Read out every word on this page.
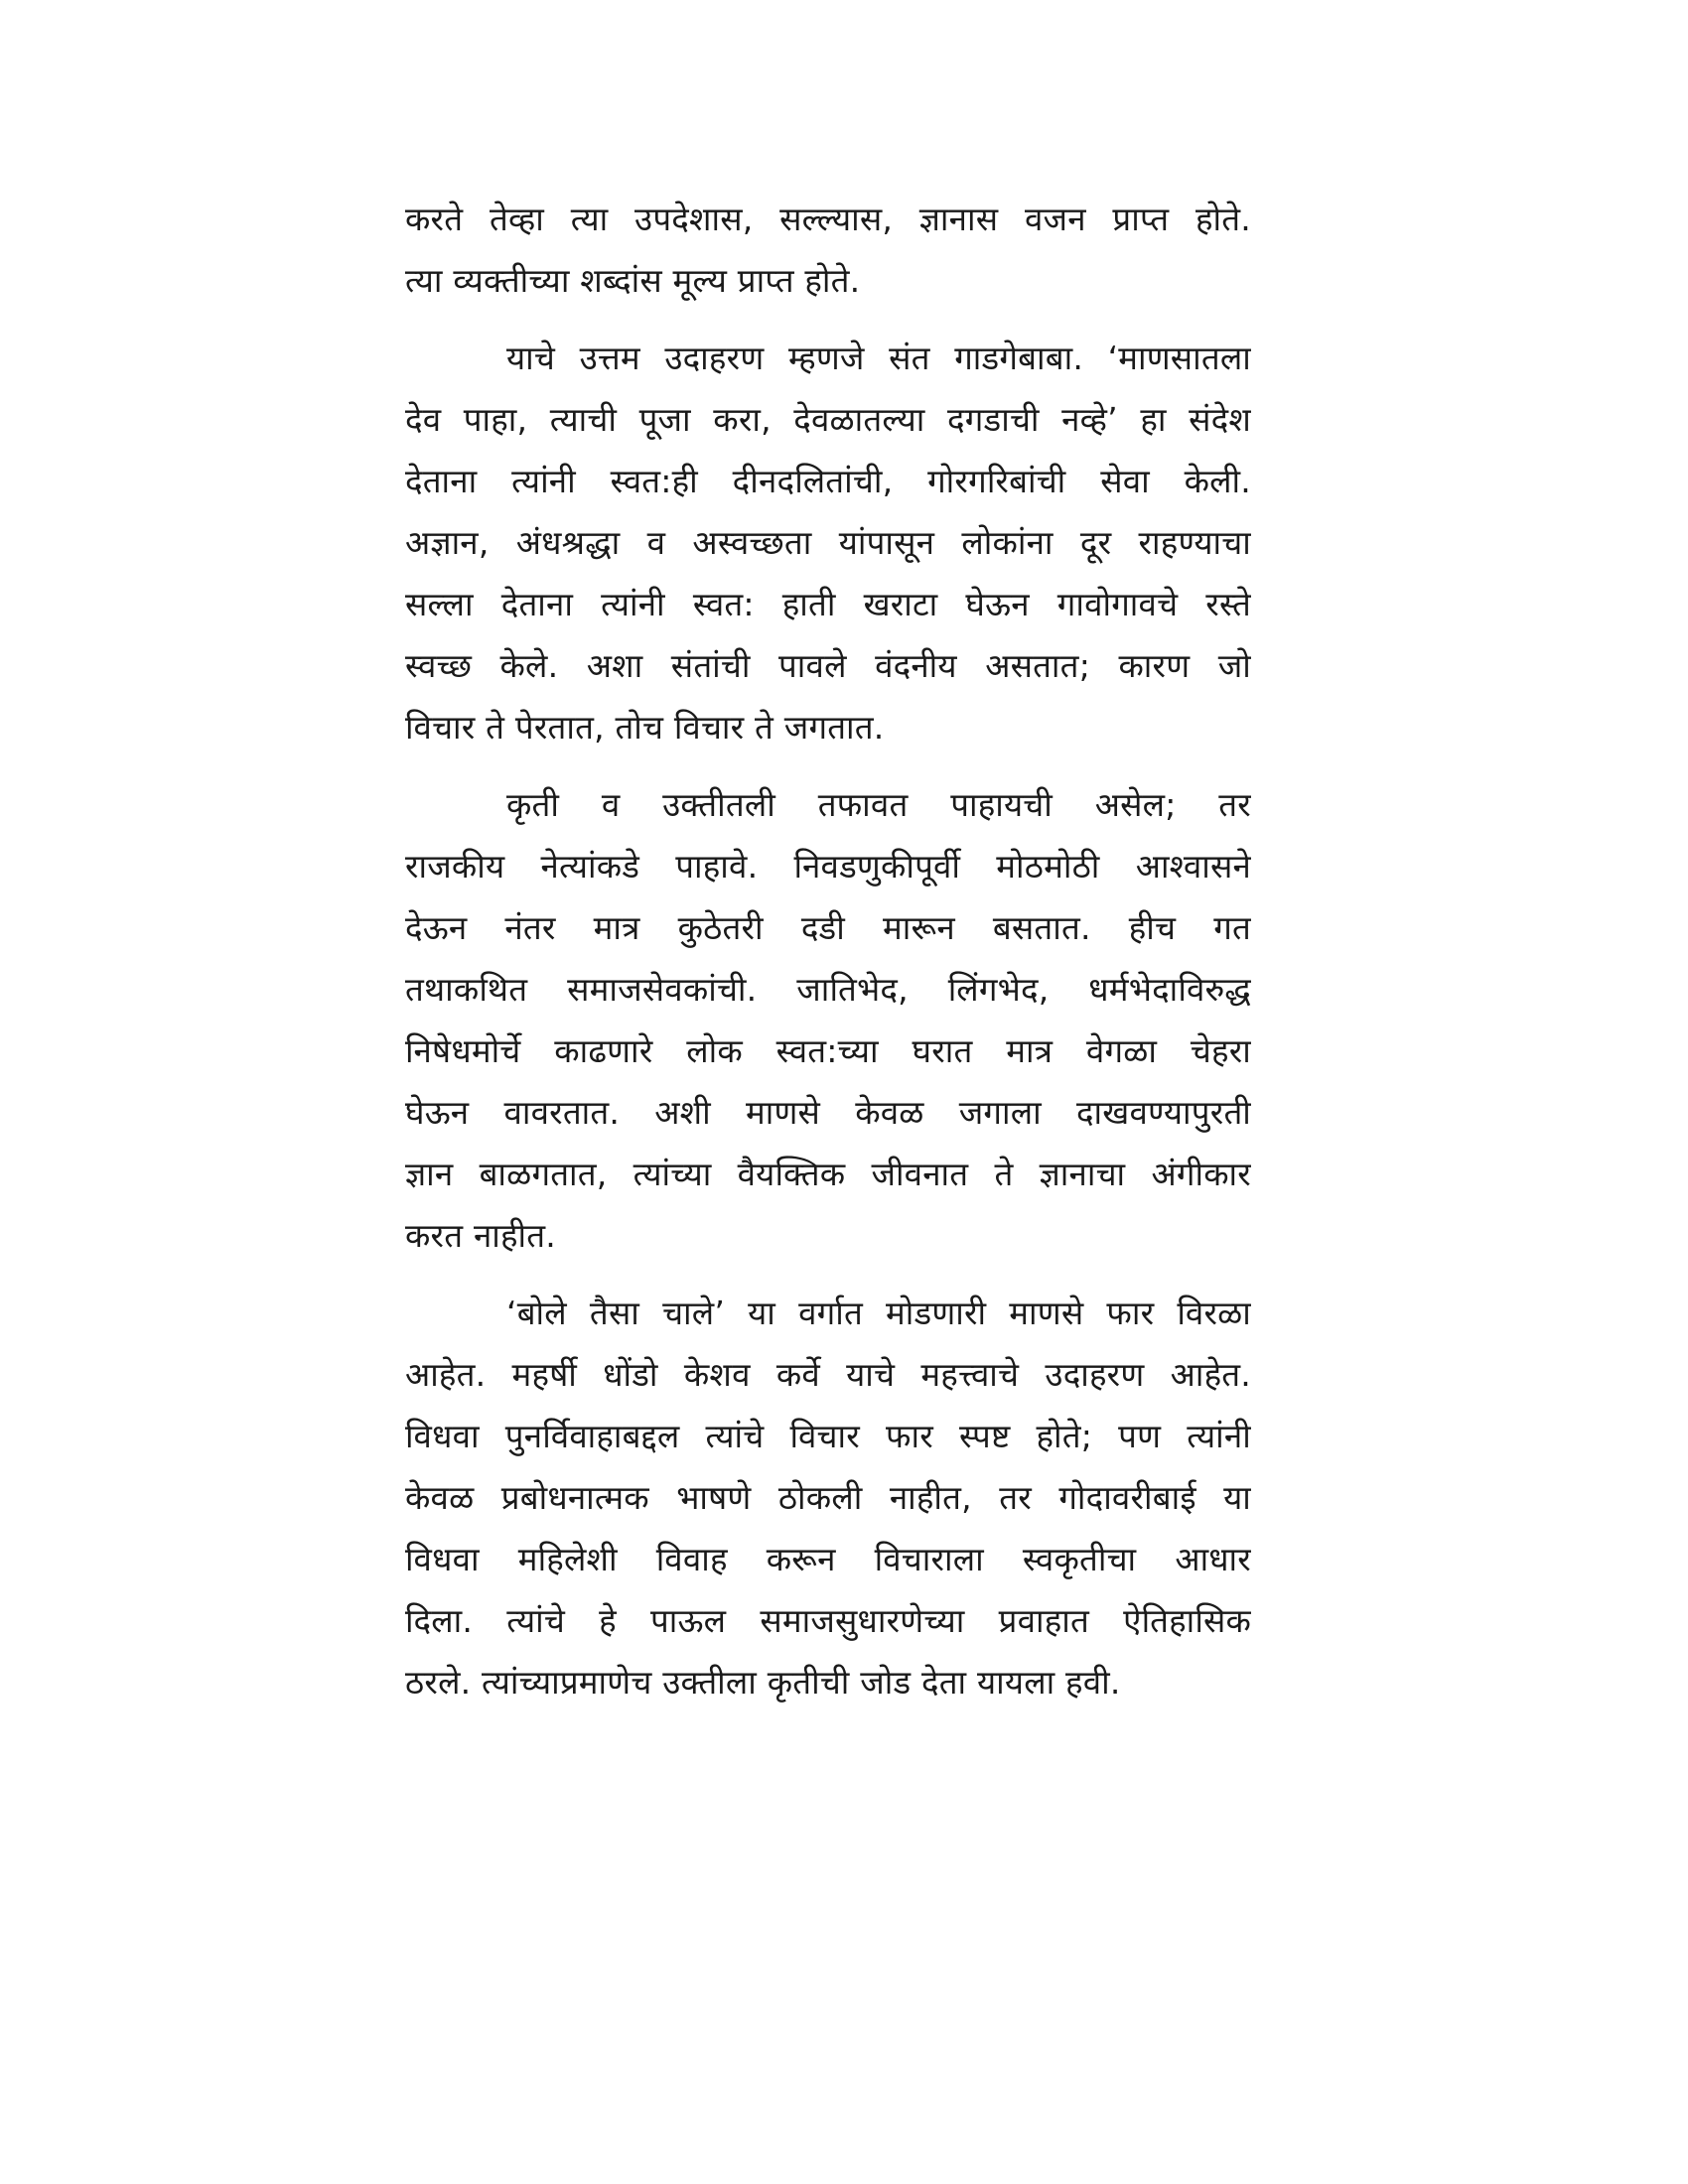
करते तेव्हा त्या उपदेशास, सल्ल्यास, ज्ञानास वजन प्राप्त होते.
त्या व्यक्तीच्या शब्दांस मूल्य प्राप्त होते.
याचे उत्तम उदाहरण म्हणजे संत गाडगेबाबा. ‘माणसातला
देव पाहा, त्याची पूजा करा, देवळातल्या दगडाची नव्हे’ हा संदेश
देताना त्यांनी स्वत:ही दीनदलितांची, गोरगरिबांची सेवा केली.
अज्ञान, अंधश्रद्धा व अस्वच्छता यांपासून लोकांना दूर राहण्याचा
सल्ला देताना त्यांनी स्वत: हाती खराटा घेऊन गावोगावचे रस्ते
स्वच्छ केले. अशा संतांची पावले वंदनीय असतात; कारण जो
विचार ते पेरतात, तोच विचार ते जगतात.
कृती व उक्तीतली तफावत पाहायची असेल; तर
राजकीय नेत्यांकडे पाहावे. निवडणुकीपूर्वी मोठमोठी आश्वासने
देऊन नंतर मात्र कुठेतरी दडी मारून बसतात. हीच गत
तथाकथित समाजसेवकांची. जातिभेद, लिंगभेद, धर्मभेदाविरुद्ध
निषेधमोर्चे काढणारे लोक स्वत:च्या घरात मात्र वेगळा चेहरा
घेऊन वावरतात. अशी माणसे केवळ जगाला दाखवण्यापुरती
ज्ञान बाळगतात, त्यांच्या वैयक्तिक जीवनात ते ज्ञानाचा अंगीकार
करत नाहीत.
‘बोले तैसा चाले’ या वर्गात मोडणारी माणसे फार विरळा
आहेत. महर्षी धोंडो केशव कर्वे याचे महत्त्वाचे उदाहरण आहेत.
विधवा पुनर्विवाहाबद्दल त्यांचे विचार फार स्पष्ट होते; पण त्यांनी
केवळ प्रबोधनात्मक भाषणे ठोकली नाहीत, तर गोदावरीबाई या
विधवा महिलेशी विवाह करून विचाराला स्वकृतीचा आधार
दिला. त्यांचे हे पाऊल समाजसुधारणेच्या प्रवाहात ऐतिहासिक
ठरले. त्यांच्याप्रमाणेच उक्तीला कृतीची जोड देता यायला हवी.
